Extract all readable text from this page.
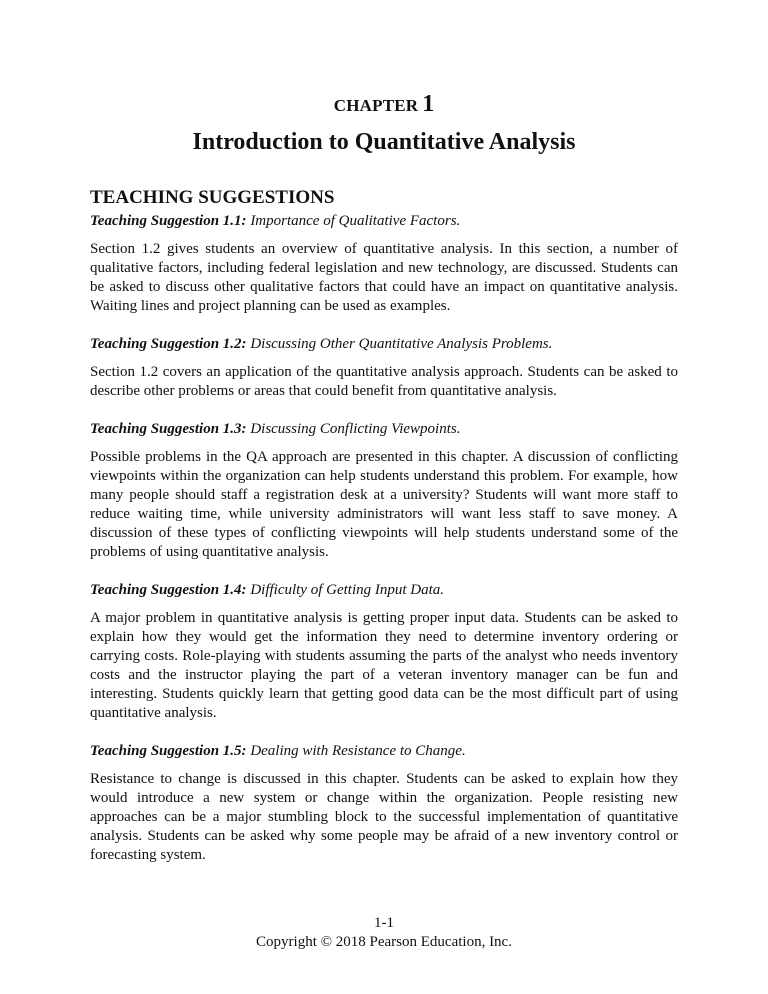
CHAPTER 1
Introduction to Quantitative Analysis
TEACHING SUGGESTIONS

Teaching Suggestion 1.1: Importance of Qualitative Factors.

Section 1.2 gives students an overview of quantitative analysis. In this section, a number of qualitative factors, including federal legislation and new technology, are discussed. Students can be asked to discuss other qualitative factors that could have an impact on quantitative analysis. Waiting lines and project planning can be used as examples.

Teaching Suggestion 1.2: Discussing Other Quantitative Analysis Problems.

Section 1.2 covers an application of the quantitative analysis approach. Students can be asked to describe other problems or areas that could benefit from quantitative analysis.

Teaching Suggestion 1.3: Discussing Conflicting Viewpoints.

Possible problems in the QA approach are presented in this chapter. A discussion of conflicting viewpoints within the organization can help students understand this problem. For example, how many people should staff a registration desk at a university? Students will want more staff to reduce waiting time, while university administrators will want less staff to save money. A discussion of these types of conflicting viewpoints will help students understand some of the problems of using quantitative analysis.

Teaching Suggestion 1.4: Difficulty of Getting Input Data.

A major problem in quantitative analysis is getting proper input data. Students can be asked to explain how they would get the information they need to determine inventory ordering or carrying costs. Role-playing with students assuming the parts of the analyst who needs inventory costs and the instructor playing the part of a veteran inventory manager can be fun and interesting. Students quickly learn that getting good data can be the most difficult part of using quantitative analysis.

Teaching Suggestion 1.5: Dealing with Resistance to Change.

Resistance to change is discussed in this chapter. Students can be asked to explain how they would introduce a new system or change within the organization. People resisting new approaches can be a major stumbling block to the successful implementation of quantitative analysis. Students can be asked why some people may be afraid of a new inventory control or forecasting system.

1-1
Copyright © 2018 Pearson Education, Inc.
